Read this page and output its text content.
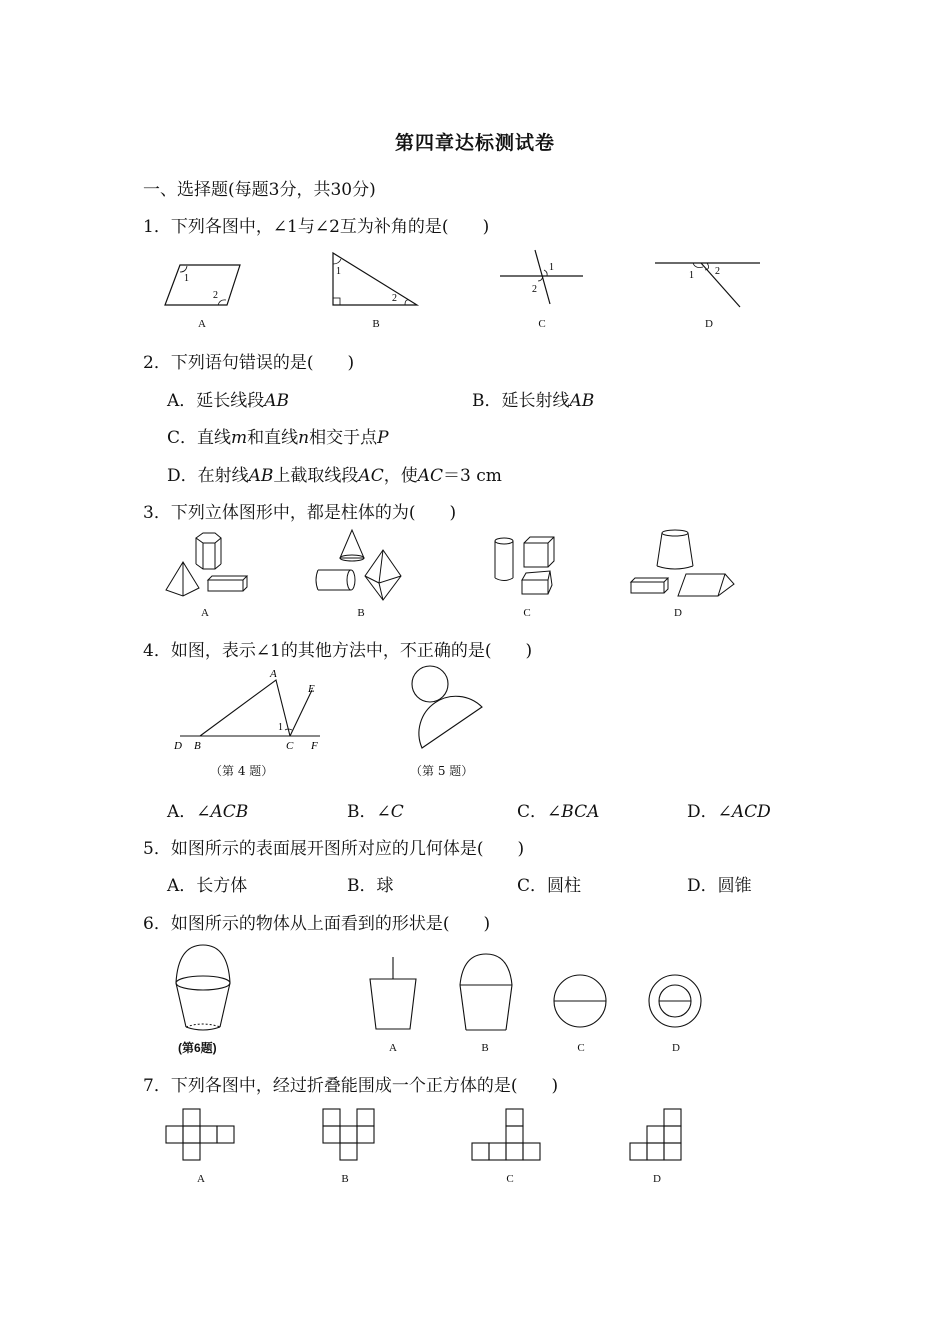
第四章达标测试卷
一、选择题(每题3分，共30分)
1．下列各图中，∠1与∠2互为补角的是(　　)
1
2
A
1
2
B
1
2
C
1 2
D
2．下列语句错误的是(　　)
A．延长线段AB	B．延长射线AB
C．直线m和直线n相交于点P
D．在射线AB上截取线段AC，使AC＝3 cm
3．下列立体图形中，都是柱体的为(　　)
A	B	C	D
4．如图，表示∠1的其他方法中，不正确的是(　　)
A
E
D B	C F
1
（第 4 题）	（第 5 题）
A．∠ACB	B．∠C	C．∠BCA	D．∠ACD
5．如图所示的表面展开图所对应的几何体是(　　)
A．长方体	B．球	C．圆柱	D．圆锥
6．如图所示的物体从上面看到的形状是(　　)
(第6题)	A	B	C	D
7．下列各图中，经过折叠能围成一个正方体的是(　　)
A	B	C	D
